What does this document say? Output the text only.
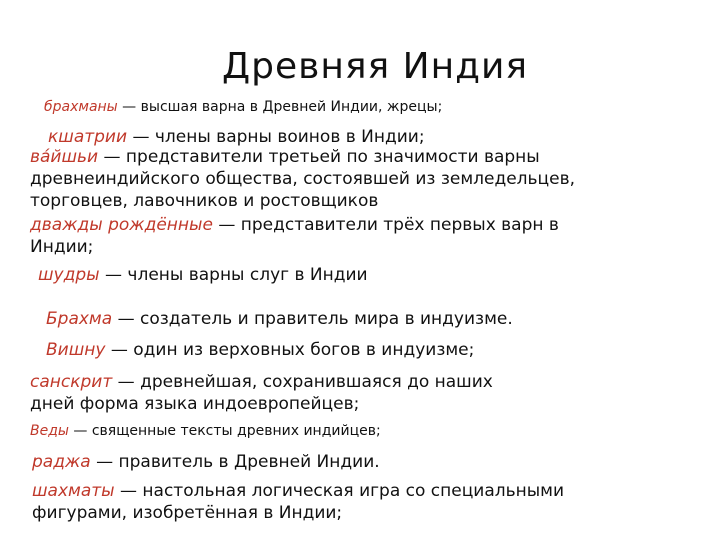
Древняя Индия

брахманы — высшая варна в Древней Индии, жрецы;

кшатрии — члены варны воинов в Индии;

ва́йшьи — представители третьей по значимости варны древнеиндийского общества, состоявшей из земледельцев, торговцев, лавочников и ростовщиков

дважды рождённые — представители трёх первых варн в Индии;

шудры — члены варны слуг в Индии

Брахма — создатель и правитель мира в индуизме.

Вишну — один из верховных богов в индуизме;

санскрит — древнейшая, сохранившаяся до наших дней форма языка индоевропейцев;

Веды — священные тексты древних индийцев;

раджа — правитель в Древней Индии.

шахматы — настольная логическая игра со специальными фигурами, изобретённая в Индии;
